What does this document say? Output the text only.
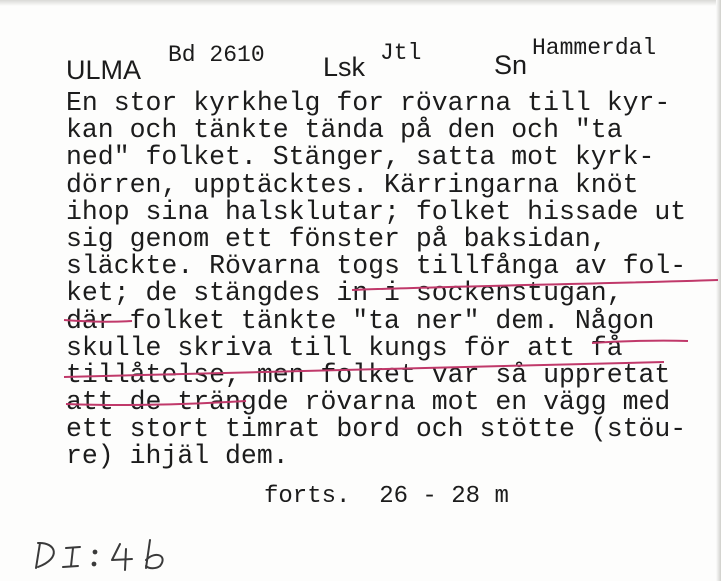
ULMA Bd 2610 Lsk Jtl	Sn
Hammerdal
En stor kyrkhelg for rövarna till kyr-
kan och tänkte tända på den och "ta
ned" folket. Stänger, satta mot kyrk-
dörren, upptäcktes. Kärringarna knöt
ihop sina halsklutar; folket hissade ut
sig genom ett fönster på baksidan,
släckte. Rövarna togs tillfånga av fol-
ket; de stängdes in i sockenstugan,
där folket tänkte "ta ner" dem. Någon
skulle skriva till kungs för att få
tillåtelse, men folket var så uppretat
att de trängde rövarna mot en vägg med
ett stort timrat bord och stötte (stöu-
re) ihjäl dem.
forts.  26 - 28 m
